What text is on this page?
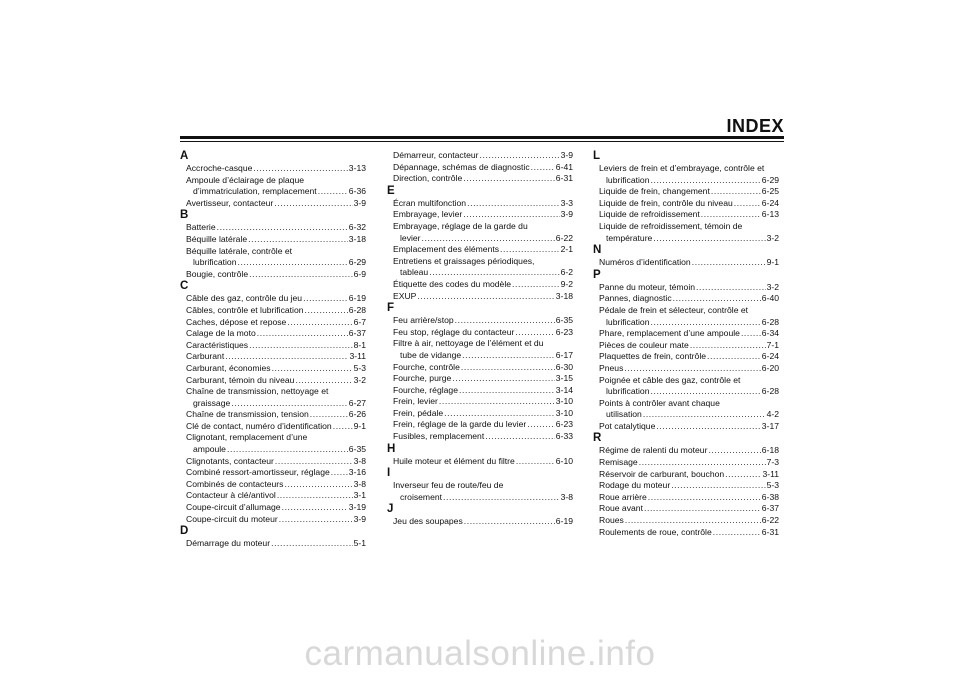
INDEX
A
Accroche-casque .....	3-13
Ampoule d’éclairage de plaque
d’immatriculation, remplacement .....	6-36
Avertisseur, contacteur .....	3-9
B
Batterie .....	6-32
Béquille latérale .....	3-18
Béquille latérale, contrôle et
lubrification .....	6-29
Bougie, contrôle .....	6-9
C
Câble des gaz, contrôle du jeu .....	6-19
Câbles, contrôle et lubrification .....	6-28
Caches, dépose et repose .....	6-7
Calage de la moto .....	6-37
Caractéristiques .....	8-1
Carburant .....	3-11
Carburant, économies .....	5-3
Carburant, témoin du niveau .....	3-2
Chaîne de transmission, nettoyage et
graissage .....	6-27
Chaîne de transmission, tension .....	6-26
Clé de contact, numéro d’identification .....	9-1
Clignotant, remplacement d’une
ampoule .....	6-35
Clignotants, contacteur .....	3-8
Combiné ressort-amortisseur, réglage ..... 3-16
Combinés de contacteurs .....	3-8
Contacteur à clé/antivol .....	3-1
Coupe-circuit d’allumage .....	3-19
Coupe-circuit du moteur .....	3-9
D
Démarrage du moteur .....	5-1
Démarreur, contacteur .....	3-9
Dépannage, schémas de diagnostic .....	6-41
Direction, contrôle .....	6-31
E
Écran multifonction .....	3-3
Embrayage, levier .....	3-9
Embrayage, réglage de la garde du
levier .....	6-22
Emplacement des éléments .....	2-1
Entretiens et graissages périodiques,
tableau .....	6-2
Étiquette des codes du modèle .....	9-2
EXUP .....	3-18
F
Feu arrière/stop .....	6-35
Feu stop, réglage du contacteur .....	6-23
Filtre à air, nettoyage de l’élément et du
tube de vidange .....	6-17
Fourche, contrôle .....	6-30
Fourche, purge .....	3-15
Fourche, réglage .....	3-14
Frein, levier .....	3-10
Frein, pédale .....	3-10
Frein, réglage de la garde du levier .....	6-23
Fusibles, remplacement .....	6-33
H
Huile moteur et élément du filtre .....	6-10
I
Inverseur feu de route/feu de
croisement .....	3-8
J
Jeu des soupapes .....	6-19
L
Leviers de frein et d’embrayage, contrôle et
lubrification .....	6-29
Liquide de frein, changement .....	6-25
Liquide de frein, contrôle du niveau .....	6-24
Liquide de refroidissement .....	6-13
Liquide de refroidissement, témoin de
température .....	3-2
N
Numéros d’identification .....	9-1
P
Panne du moteur, témoin .....	3-2
Pannes, diagnostic .....	6-40
Pédale de frein et sélecteur, contrôle et
lubrification .....	6-28
Phare, remplacement d’une ampoule .....	6-34
Pièces de couleur mate .....	7-1
Plaquettes de frein, contrôle .....	6-24
Pneus .....	6-20
Poignée et câble des gaz, contrôle et
lubrification .....	6-28
Points à contrôler avant chaque
utilisation .....	4-2
Pot catalytique .....	3-17
R
Régime de ralenti du moteur .....	6-18
Remisage .....	7-3
Réservoir de carburant, bouchon .....	3-11
Rodage du moteur .....	5-3
Roue arrière .....	6-38
Roue avant .....	6-37
Roues .....	6-22
Roulements de roue, contrôle .....	6-31
carmanualsonline.info
